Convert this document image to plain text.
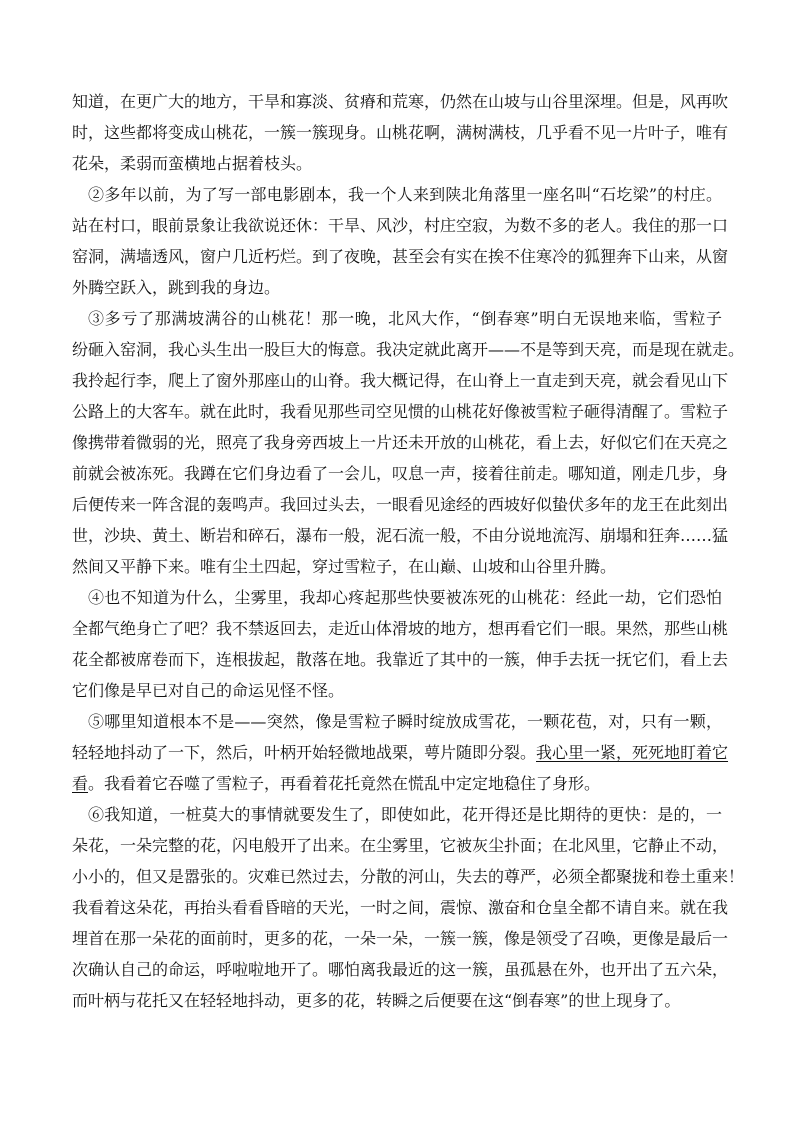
知道，在更广大的地方，干旱和寡淡、贫瘠和荒寒，仍然在山坡与山谷里深埋。但是，风再吹
时，这些都将变成山桃花，一簇一簇现身。山桃花啊，满树满枝，几乎看不见一片叶子，唯有
花朵，柔弱而蛮横地占据着枝头。
②多年以前，为了写一部电影剧本，我一个人来到陕北角落里一座名叫“石圪梁”的村庄。
站在村口，眼前景象让我欲说还休：干旱、风沙，村庄空寂，为数不多的老人。我住的那一口
窑洞，满墙透风，窗户几近朽烂。到了夜晚，甚至会有实在挨不住寒冷的狐狸奔下山来，从窗
外腾空跃入，跳到我的身边。
③多亏了那满坡满谷的山桃花！那一晚，北风大作，“倒春寒”明白无误地来临，雪粒子
纷砸入窑洞，我心头生出一股巨大的悔意。我决定就此离开——不是等到天亮，而是现在就走。
我拎起行李，爬上了窗外那座山的山脊。我大概记得，在山脊上一直走到天亮，就会看见山下
公路上的大客车。就在此时，我看见那些司空见惯的山桃花好像被雪粒子砸得清醒了。雪粒子
像携带着微弱的光，照亮了我身旁西坡上一片还未开放的山桃花，看上去，好似它们在天亮之
前就会被冻死。我蹲在它们身边看了一会儿，叹息一声，接着往前走。哪知道，刚走几步，身
后便传来一阵含混的轰鸣声。我回过头去，一眼看见途经的西坡好似蛰伏多年的龙王在此刻出
世，沙块、黄土、断岩和碎石，瀑布一般，泥石流一般，不由分说地流泻、崩塌和狂奔……猛
然间又平静下来。唯有尘土四起，穿过雪粒子，在山巅、山坡和山谷里升腾。
④也不知道为什么，尘雾里，我却心疼起那些快要被冻死的山桃花：经此一劫，它们恐怕
全都气绝身亡了吧？我不禁返回去，走近山体滑坡的地方，想再看它们一眼。果然，那些山桃
花全都被席卷而下，连根拔起，散落在地。我靠近了其中的一簇，伸手去抚一抚它们，看上去
它们像是早已对自己的命运见怪不怪。
⑤哪里知道根本不是——突然，像是雪粒子瞬时绽放成雪花，一颗花苞，对，只有一颗，
轻轻地抖动了一下，然后，叶柄开始轻微地战栗，萼片随即分裂。我心里一紧，死死地盯着它
看。我看着它吞噬了雪粒子，再看着花托竟然在慌乱中定定地稳住了身形。
⑥我知道，一桩莫大的事情就要发生了，即使如此，花开得还是比期待的更快：是的，一
朵花，一朵完整的花，闪电般开了出来。在尘雾里，它被灰尘扑面；在北风里，它静止不动，
小小的，但又是嚣张的。灾难已然过去，分散的河山，失去的尊严，必须全都聚拢和卷土重来！
我看着这朵花，再抬头看看昏暗的天光，一时之间，震惊、激奋和仓皇全都不请自来。就在我
埋首在那一朵花的面前时，更多的花，一朵一朵，一簇一簇，像是领受了召唤，更像是最后一
次确认自己的命运，呼啦啦地开了。哪怕离我最近的这一簇，虽孤悬在外，也开出了五六朵，
而叶柄与花托又在轻轻地抖动，更多的花，转瞬之后便要在这“倒春寒”的世上现身了。
